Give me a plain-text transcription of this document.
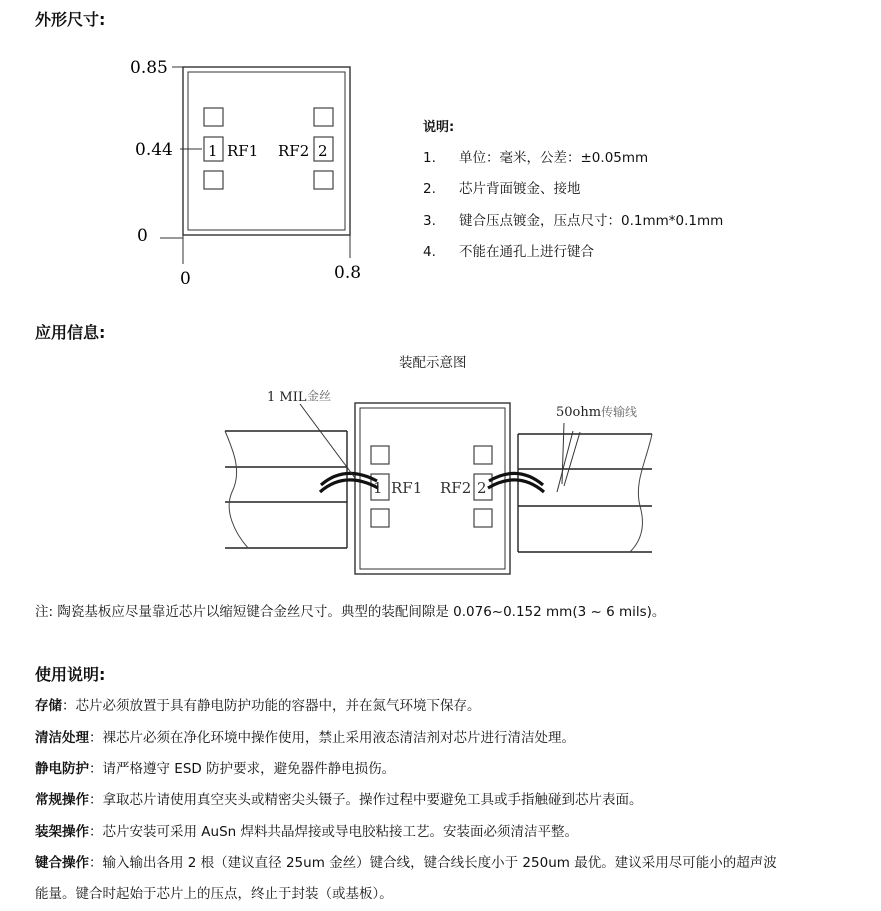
外形尺寸:
0.85
0.44
0
0	0.8
1 RF1 RF2 2
说明:
1. 单位：毫米，公差：±0.05mm
2. 芯片背面镀金、接地
3. 键合压点镀金，压点尺寸：0.1mm*0.1mm
4. 不能在通孔上进行键合
应用信息:
装配示意图
1 RF1 RF2 2
1 MIL 金丝
50ohm 传输线
注: 陶瓷基板应尽量靠近芯片以缩短键合金丝尺寸。典型的装配间隙是 0.076~0.152 mm(3 ~ 6 mils)。
使用说明:
存储：芯片必须放置于具有静电防护功能的容器中，并在氮气环境下保存。
清洁处理：裸芯片必须在净化环境中操作使用，禁止采用液态清洁剂对芯片进行清洁处理。
静电防护：请严格遵守 ESD 防护要求，避免器件静电损伤。
常规操作：拿取芯片请使用真空夹头或精密尖头镊子。操作过程中要避免工具或手指触碰到芯片表面。
装架操作：芯片安装可采用 AuSn 焊料共晶焊接或导电胶粘接工艺。安装面必须清洁平整。
键合操作：输入输出各用 2 根（建议直径 25um 金丝）键合线，键合线长度小于 250um 最优。建议采用尽可能小的超声波
能量。键合时起始于芯片上的压点，终止于封装（或基板）。
